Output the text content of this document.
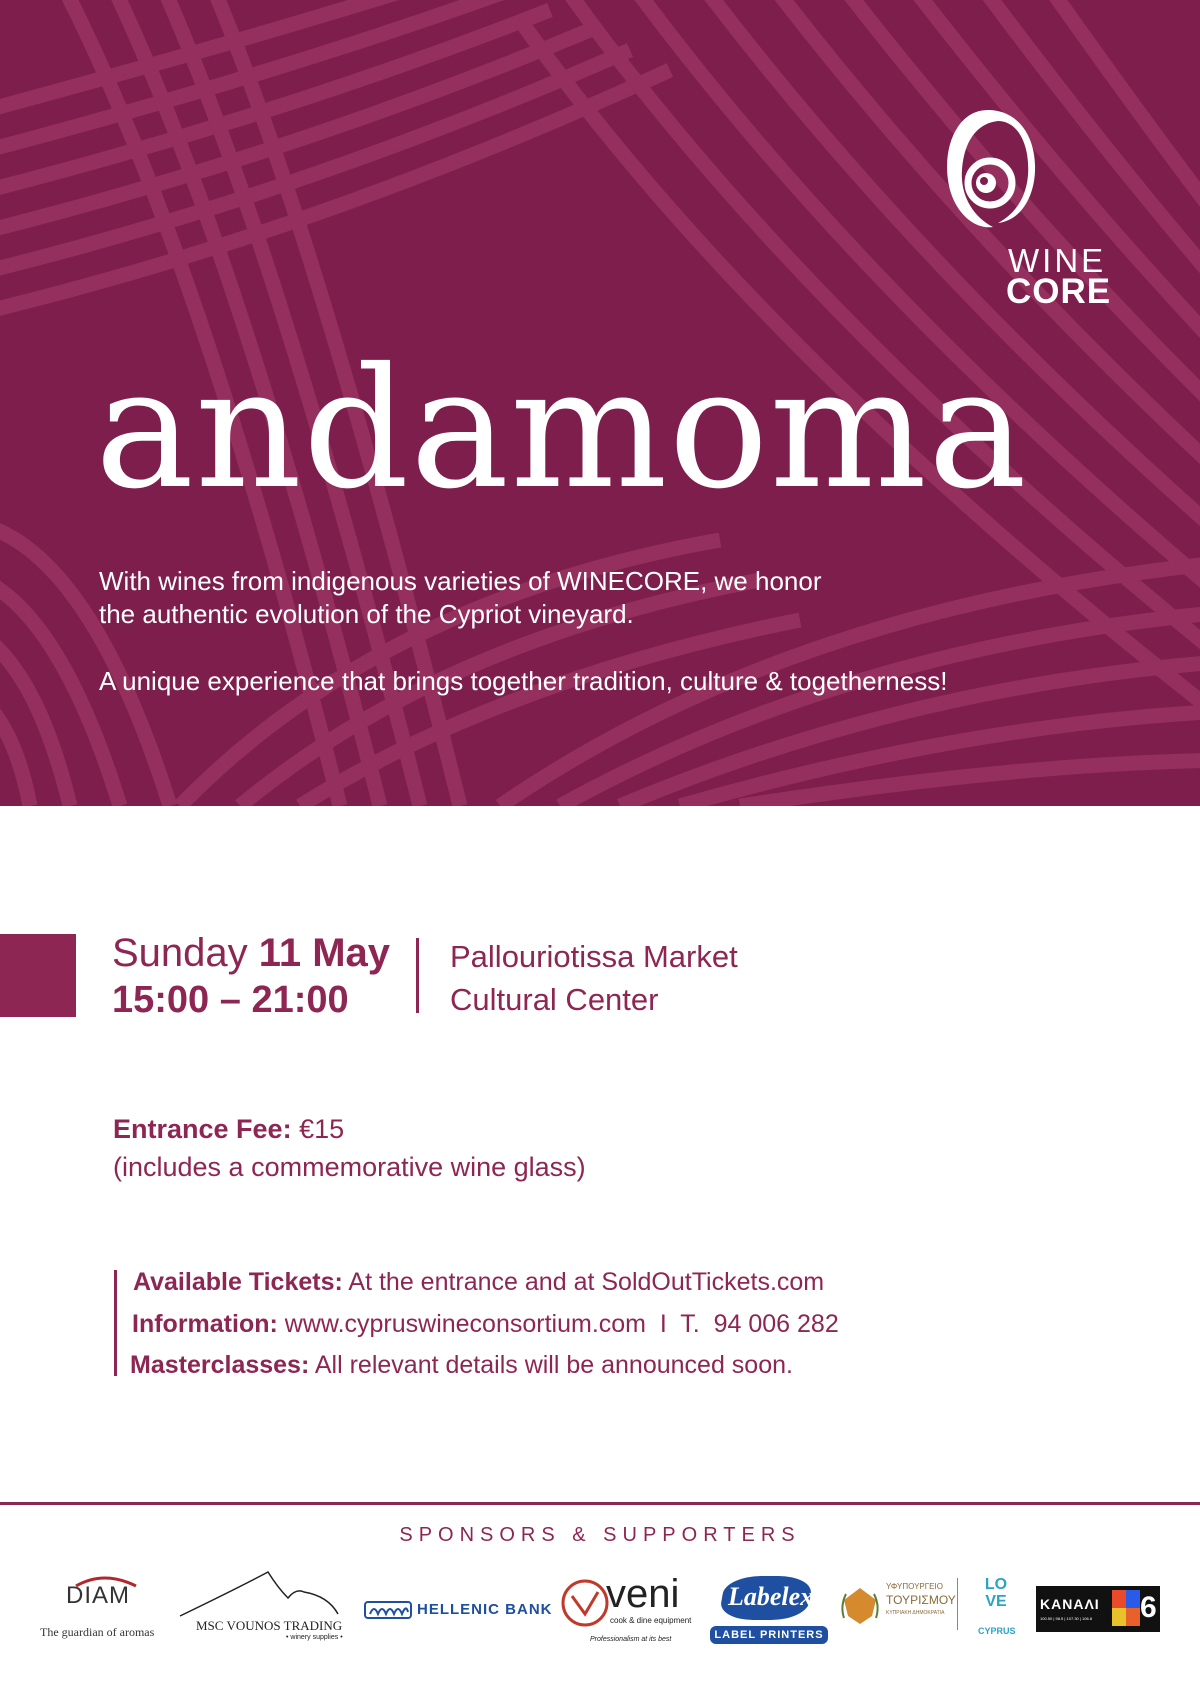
WINE
CORE
andamoma
With wines from indigenous varieties of WINECORE, we honor
the authentic evolution of the Cypriot vineyard.
A unique experience that brings together tradition, culture & togetherness!
Sunday 11 May
15:00 – 21:00
Pallouriotissa Market
Cultural Center
Entrance Fee: €15
(includes a commemorative wine glass)
Available Tickets: At the entrance and at SoldOutTickets.com
Information: www.cypruswineconsortium.com  I  T.  94 006 282
Masterclasses: All relevant details will be announced soon.
SPONSORS & SUPPORTERS
DIAM
The guardian of aromas	MSC VOUNOS TRADING
• winery supplies •
HELLENIC BANK veni
cook & dine equipment
Professionalism at its best
Labelex
LABEL PRINTERS
ΥΦΥΠΟΥΡΓΕΙΟ
ΤΟΥΡΙΣΜΟΥ
ΚΥΠΡΙΑΚΗ ΔΗΜΟΚΡΑΤΙΑ
LOVE
CYPRUS
ΚΑΝΑΛΙ
100.50 | 98.5 | 107.30 | 106.8 6
